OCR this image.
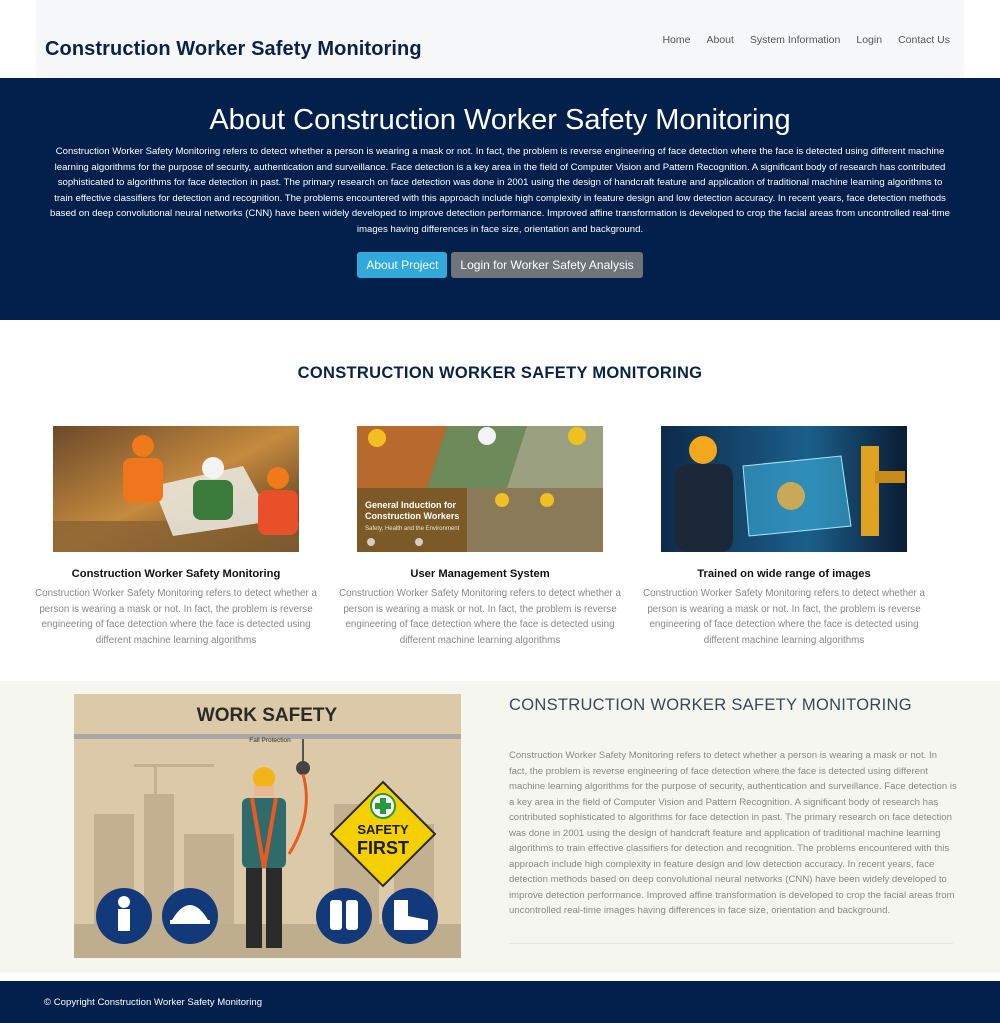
Construction Worker Safety Monitoring	Home About System Information Login Contact Us
About Construction Worker Safety Monitoring

Construction Worker Safety Monitoring refers to detect whether a person is wearing a mask or not. In fact, the problem is reverse engineering of face detection where the face is detected using different machine learning algorithms for the purpose of security, authentication and surveillance. Face detection is a key area in the field of Computer Vision and Pattern Recognition. A significant body of research has contributed sophisticated to algorithms for face detection in past. The primary research on face detection was done in 2001 using the design of handcraft feature and application of traditional machine learning algorithms to train effective classifiers for detection and recognition. The problems encountered with this approach include high complexity in feature design and low detection accuracy. In recent years, face detection methods based on deep convolutional neural networks (CNN) have been widely developed to improve detection performance. Improved affine transformation is developed to crop the facial areas from uncontrolled real-time images having differences in face size, orientation and background.

About Project	Login for Worker Safety Analysis
CONSTRUCTION WORKER SAFETY MONITORING
Construction Worker Safety Monitoring

Construction Worker Safety Monitoring refers to detect whether a person is wearing a mask or not. In fact, the problem is reverse engineering of face detection where the face is detected using different machine learning algorithms

General Induction for
Construction Workers
Safety, Health and the Environment
User Management System

Construction Worker Safety Monitoring refers to detect whether a person is wearing a mask or not. In fact, the problem is reverse engineering of face detection where the face is detected using different machine learning algorithms

Trained on wide range of images

Construction Worker Safety Monitoring refers to detect whether a person is wearing a mask or not. In fact, the problem is reverse engineering of face detection where the face is detected using different machine learning algorithms

WORK SAFETY
Fall Protection
SAFETY
FIRST
CONSTRUCTION WORKER SAFETY MONITORING

Construction Worker Safety Monitoring refers to detect whether a person is wearing a mask or not. In fact, the problem is reverse engineering of face detection where the face is detected using different machine learning algorithms for the purpose of security, authentication and surveillance. Face detection is a key area in the field of Computer Vision and Pattern Recognition. A significant body of research has contributed sophisticated to algorithms for face detection in past. The primary research on face detection was done in 2001 using the design of handcraft feature and application of traditional machine learning algorithms to train effective classifiers for detection and recognition. The problems encountered with this approach include high complexity in feature design and low detection accuracy. In recent years, face detection methods based on deep convolutional neural networks (CNN) have been widely developed to improve detection performance. Improved affine transformation is developed to crop the facial areas from uncontrolled real-time images having differences in face size, orientation and background.

© Copyright Construction Worker Safety Monitoring
